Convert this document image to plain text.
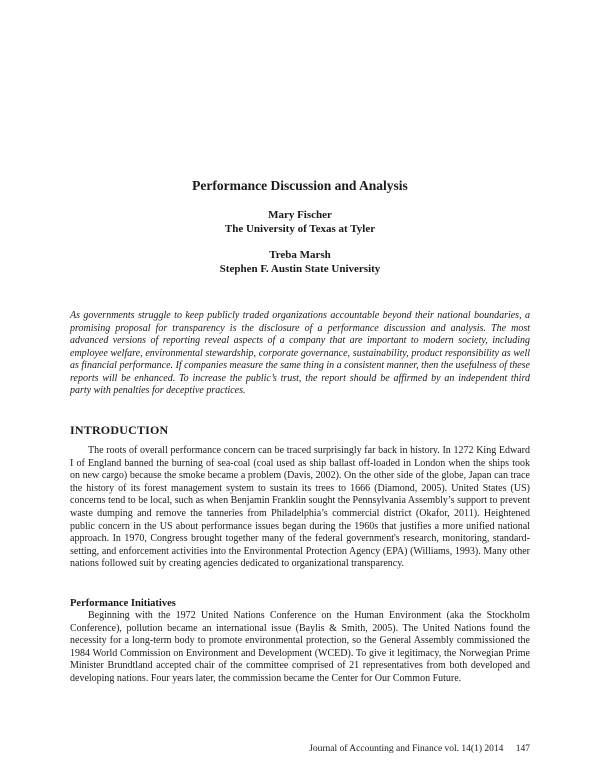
Performance Discussion and Analysis
Mary Fischer
The University of Texas at Tyler
Treba Marsh
Stephen F. Austin State University

As governments struggle to keep publicly traded organizations accountable beyond their national boundaries, a promising proposal for transparency is the disclosure of a performance discussion and analysis. The most advanced versions of reporting reveal aspects of a company that are important to modern society, including employee welfare, environmental stewardship, corporate governance, sustainability, product responsibility as well as financial performance. If companies measure the same thing in a consistent manner, then the usefulness of these reports will be enhanced. To increase the public’s trust, the report should be affirmed by an independent third party with penalties for deceptive practices.

INTRODUCTION

The roots of overall performance concern can be traced surprisingly far back in history. In 1272 King Edward I of England banned the burning of sea-coal (coal used as ship ballast off-loaded in London when the ships took on new cargo) because the smoke became a problem (Davis, 2002). On the other side of the globe, Japan can trace the history of its forest management system to sustain its trees to 1666 (Diamond, 2005). United States (US) concerns tend to be local, such as when Benjamin Franklin sought the Pennsylvania Assembly’s support to prevent waste dumping and remove the tanneries from Philadelphia’s commercial district (Okafor, 2011). Heightened public concern in the US about performance issues began during the 1960s that justifies a more unified national approach. In 1970, Congress brought together many of the federal government's research, monitoring, standard-setting, and enforcement activities into the Environmental Protection Agency (EPA) (Williams, 1993). Many other nations followed suit by creating agencies dedicated to organizational transparency.

Performance Initiatives

Beginning with the 1972 United Nations Conference on the Human Environment (aka the Stockholm Conference), pollution became an international issue (Baylis & Smith, 2005). The United Nations found the necessity for a long-term body to promote environmental protection, so the General Assembly commissioned the 1984 World Commission on Environment and Development (WCED). To give it legitimacy, the Norwegian Prime Minister Brundtland accepted chair of the committee comprised of 21 representatives from both developed and developing nations. Four years later, the commission became the Center for Our Common Future.

Journal of Accounting and Finance vol. 14(1) 2014 147
